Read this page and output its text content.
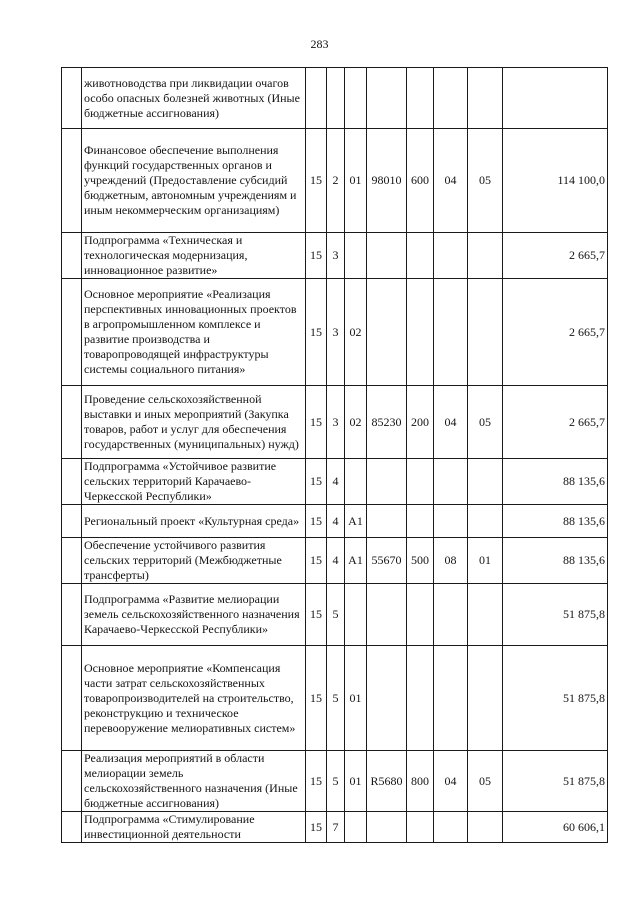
283
	животноводства при ликвидации очагов особо опасных болезней животных (Иные бюджетные ассигнования)								
	Финансовое обеспечение выполнения функций государственных органов и учреждений (Предоставление субсидий бюджетным, автономным учреждениям и иным некоммерческим организациям)	15	2	01	98010	600	04	05	114 100,0
	Подпрограмма «Техническая и технологическая модернизация, инновационное развитие»	15	3						2 665,7
	Основное мероприятие «Реализация перспективных инновационных проектов в агропромышленном комплексе и развитие производства и товаропроводящей инфраструктуры системы социального питания»	15	3	02					2 665,7
	Проведение сельскохозяйственной выставки и иных мероприятий (Закупка товаров, работ и услуг для обеспечения государственных (муниципальных) нужд)	15	3	02	85230	200	04	05	2 665,7
	Подпрограмма «Устойчивое развитие сельских территорий Карачаево-Черкесской Республики»	15	4						88 135,6
	Региональный проект «Культурная среда»	15	4	A1					88 135,6
	Обеспечение устойчивого развития сельских территорий (Межбюджетные трансферты)	15	4	A1	55670	500	08	01	88 135,6
	Подпрограмма «Развитие мелиорации земель сельскохозяйственного назначения Карачаево-Черкесской Республики»	15	5						51 875,8
	Основное мероприятие «Компенсация части затрат сельскохозяйственных товаропроизводителей на строительство, реконструкцию и техническое перевооружение мелиоративных систем»	15	5	01					51 875,8
	Реализация мероприятий в области мелиорации земель сельскохозяйственного назначения (Иные бюджетные ассигнования)	15	5	01	R5680	800	04	05	51 875,8
	Подпрограмма «Стимулирование инвестиционной деятельности	15	7						60 606,1
